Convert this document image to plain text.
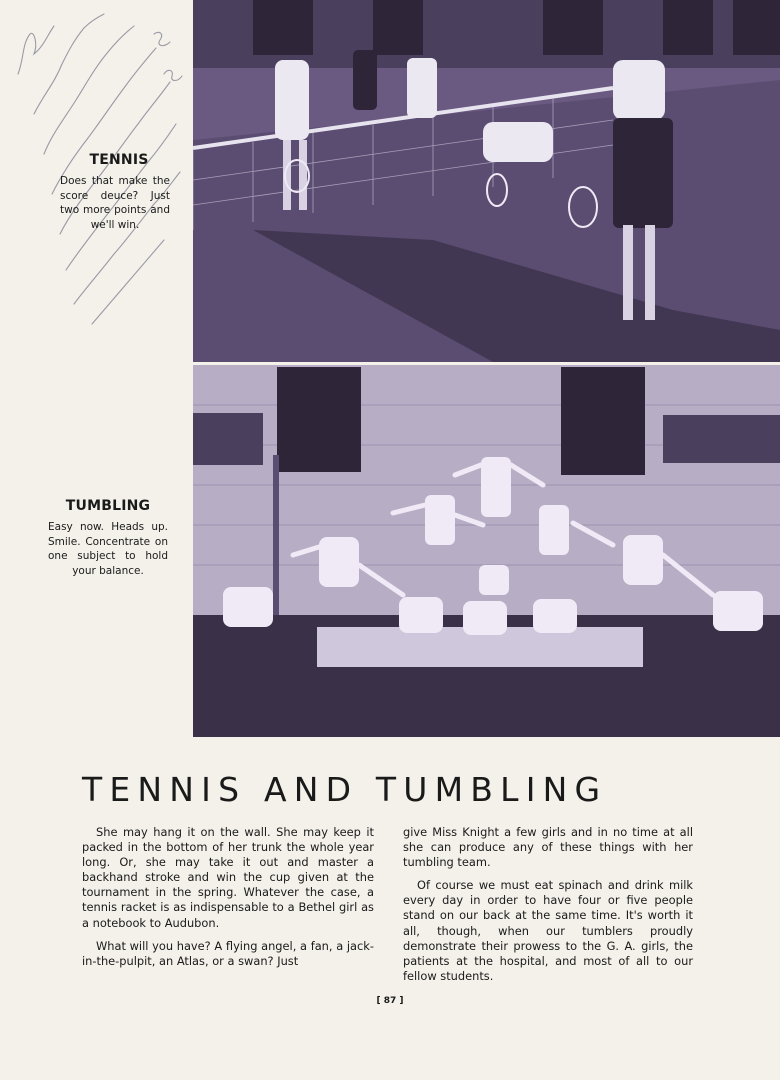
TENNIS

Does that make the score deuce? Just two more points and we'll win.

TUMBLING

Easy now. Heads up. Smile. Concentrate on one subject to hold your balance.

TENNIS AND TUMBLING

She may hang it on the wall. She may keep it packed in the bottom of her trunk the whole year long. Or, she may take it out and master a backhand stroke and win the cup given at the tournament in the spring. Whatever the case, a tennis racket is as indispensable to a Bethel girl as a notebook to Audubon.

What will you have? A flying angel, a fan, a jack-in-the-pulpit, an Atlas, or a swan? Just

give Miss Knight a few girls and in no time at all she can produce any of these things with her tumbling team.

Of course we must eat spinach and drink milk every day in order to have four or five people stand on our back at the same time. It's worth it all, though, when our tumblers proudly demonstrate their prowess to the G. A. girls, the patients at the hospital, and most of all to our fellow students.

[ 87 ]
